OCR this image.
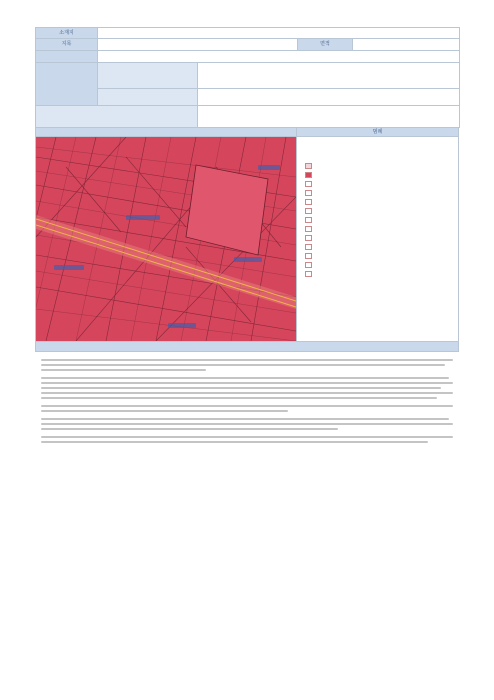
소재지				
지목			면적	

범례
